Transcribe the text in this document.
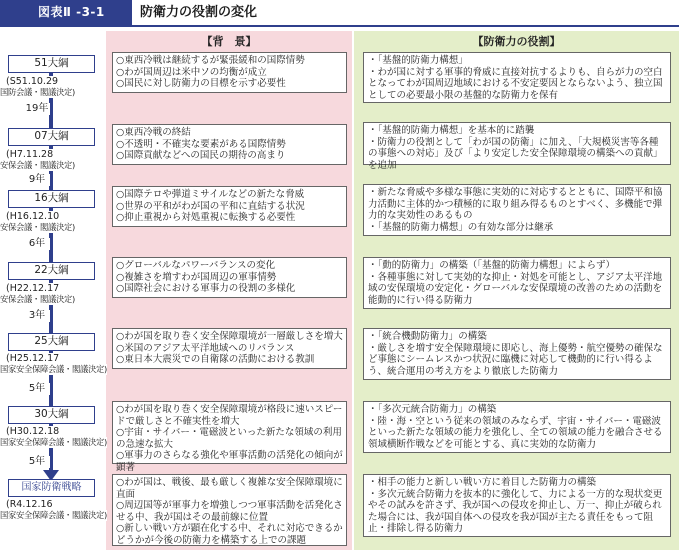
図表Ⅱ -3-1	防衛力の役割の変化
【背　景】	【防衛力の役割】
51大綱
(S51.10.29
国防会議・閣議決定)
19年
○東西冷戦は継続するが緊張緩和の国際情勢
○わが国周辺は米中ソの均衡が成立
○国民に対し防衛力の目標を示す必要性
・「基盤的防衛力構想」
・わが国に対する軍事的脅威に直接対抗するよりも、自らが力の空白となってわが国周辺地域における不安定要因とならないよう、独立国としての必要最小限の基盤的な防衛力を保有
07大綱
(H7.11.28
安保会議・閣議決定)
9年
○東西冷戦の終結
○不透明・不確実な要素がある国際情勢
○国際貢献などへの国民の期待の高まり
・「基盤的防衛力構想」を基本的に踏襲
・防衛力の役割として「わが国の防衛」に加え、「大規模災害等各種の事態への対応」及び「より安定した安全保障環境の構築への貢献」を追加
16大綱
(H16.12.10
安保会議・閣議決定)
6年
○国際テロや弾道ミサイルなどの新たな脅威
○世界の平和がわが国の平和に直結する状況
○抑止重視から対処重視に転換する必要性
・新たな脅威や多様な事態に実効的に対応するとともに、国際平和協力活動に主体的かつ積極的に取り組み得るものとすべく、多機能で弾力的な実効性のあるもの
・「基盤的防衛力構想」の有効な部分は継承
22大綱
(H22.12.17
安保会議・閣議決定)
3年
○グローバルなパワーバランスの変化
○複雑さを増すわが国周辺の軍事情勢
○国際社会における軍事力の役割の多様化
・「動的防衛力」の構築（「基盤的防衛力構想」によらず）
・各種事態に対して実効的な抑止・対処を可能とし、アジア太平洋地域の安保環境の安定化・グローバルな安保環境の改善のための活動を能動的に行い得る防衛力
25大綱
(H25.12.17
国家安全保障会議・閣議決定)
5年
○わが国を取り巻く安全保障環境が一層厳しさを増大
○米国のアジア太平洋地域へのリバランス
○東日本大震災での自衛隊の活動における教訓
・「統合機動防衛力」の構築
・厳しさを増す安全保障環境に即応し、海上優勢・航空優勢の確保など事態にシームレスかつ状況に臨機に対応して機動的に行い得るよう、統合運用の考え方をより徹底した防衛力
30大綱
(H30.12.18
国家安全保障会議・閣議決定)
5年
○わが国を取り巻く安全保障環境が格段に速いスピードで厳しさと不確実性を増大
○宇宙・サイバー・電磁波といった新たな領域の利用の急速な拡大
○軍事力のさらなる強化や軍事活動の活発化の傾向が顕著
・「多次元統合防衛力」の構築
・陸・海・空という従来の領域のみならず、宇宙・サイバー・電磁波といった新たな領域の能力を強化し、全ての領域の能力を融合させる領域横断作戦などを可能とする、真に実効的な防衛力
国家防衛戦略
(R4.12.16
国家安全保障会議・閣議決定)
○わが国は、戦後、最も厳しく複雑な安全保障環境に直面
○周辺国等が軍事力を増強しつつ軍事活動を活発化させる中、我が国はその最前線に位置
○新しい戦い方が顕在化する中、それに対応できるかどうかが今後の防衛力を構築する上での課題
・相手の能力と新しい戦い方に着目した防衛力の構築
・多次元統合防衛力を抜本的に強化して、力による一方的な現状変更やその試みを許さず、我が国への侵攻を抑止し、万一、抑止が破られた場合には、我が国自体への侵攻を我が国が主たる責任をもって阻止・排除し得る防衛力
